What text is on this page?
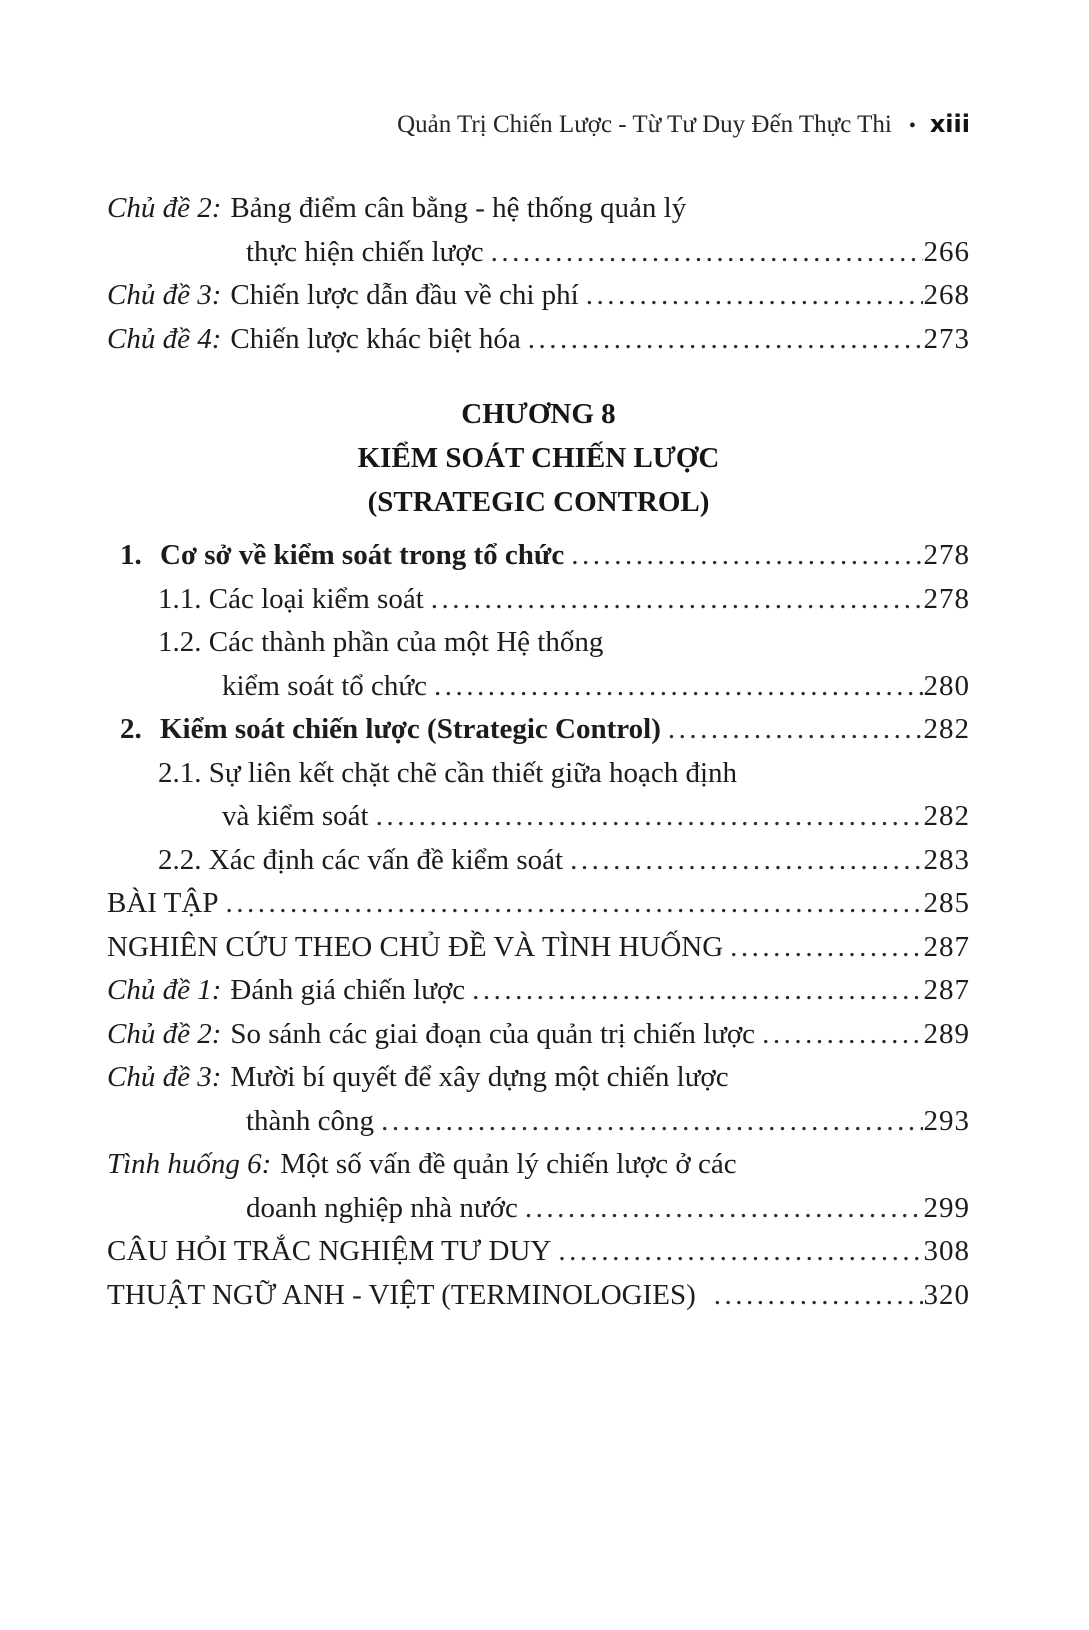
Quản Trị Chiến Lược - Từ Tư Duy Đến Thực Thi • xiii
Chủ đề 2: Bảng điểm cân bằng - hệ thống quản lý
thực hiện chiến lược .....	266
Chủ đề 3: Chiến lược dẫn đầu về chi phí .....	268
Chủ đề 4: Chiến lược khác biệt hóa .....	273
CHƯƠNG 8
KIỂM SOÁT CHIẾN LƯỢC
(STRATEGIC CONTROL)
1. Cơ sở về kiểm soát trong tổ chức .....	278
1.1. Các loại kiểm soát .....	278
1.2. Các thành phần của một Hệ thống
kiểm soát tổ chức .....	280
2. Kiểm soát chiến lược (Strategic Control) .....	282
2.1. Sự liên kết chặt chẽ cần thiết giữa hoạch định
và kiểm soát .....	282
2.2. Xác định các vấn đề kiểm soát .....	283
BÀI TẬP .....	285
NGHIÊN CỨU THEO CHỦ ĐỀ VÀ TÌNH HUỐNG .....	287
Chủ đề 1: Đánh giá chiến lược .....	287
Chủ đề 2: So sánh các giai đoạn của quản trị chiến lược .....	289
Chủ đề 3: Mười bí quyết để xây dựng một chiến lược
thành công .....	293
Tình huống 6: Một số vấn đề quản lý chiến lược ở các
doanh nghiệp nhà nước .....	299
CÂU HỎI TRẮC NGHIỆM TƯ DUY .....	308
THUẬT NGỮ ANH - VIỆT (TERMINOLOGIES) .....	320
